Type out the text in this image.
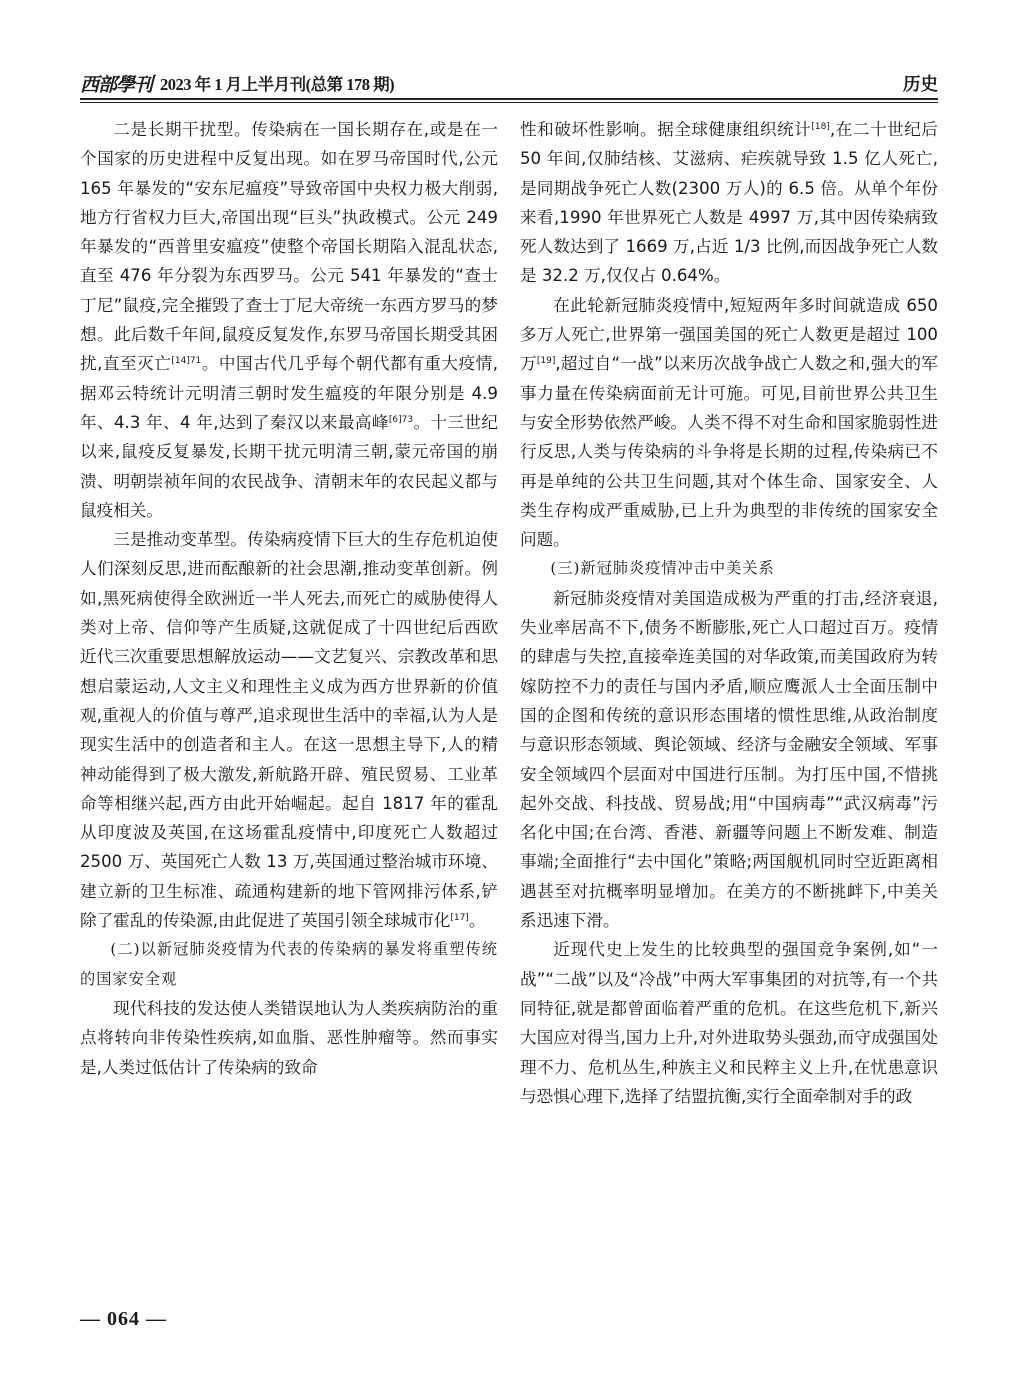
西部學刊 2023 年 1 月上半月刊(总第 178 期)	历史

二是长期干扰型。传染病在一国长期存在,或是在一个国家的历史进程中反复出现。如在罗马帝国时代,公元 165 年暴发的“安东尼瘟疫”导致帝国中央权力极大削弱,地方行省权力巨大,帝国出现“巨头”执政模式。公元 249 年暴发的“西普里安瘟疫”使整个帝国长期陷入混乱状态,直至 476 年分裂为东西罗马。公元 541 年暴发的“查士丁尼”鼠疫,完全摧毁了查士丁尼大帝统一东西方罗马的梦想。此后数千年间,鼠疫反复发作,东罗马帝国长期受其困扰,直至灭亡$^{[14]71}$。中国古代几乎每个朝代都有重大疫情,据邓云特统计元明清三朝时发生瘟疫的年限分别是 4.9 年、4.3 年、4 年,达到了秦汉以来最高峰$^{[6]73}$。十三世纪以来,鼠疫反复暴发,长期干扰元明清三朝,蒙元帝国的崩溃、明朝崇祯年间的农民战争、清朝末年的农民起义都与鼠疫相关。

三是推动变革型。传染病疫情下巨大的生存危机迫使人们深刻反思,进而酝酿新的社会思潮,推动变革创新。例如,黑死病使得全欧洲近一半人死去,而死亡的威胁使得人类对上帝、信仰等产生质疑,这就促成了十四世纪后西欧近代三次重要思想解放运动——文艺复兴、宗教改革和思想启蒙运动,人文主义和理性主义成为西方世界新的价值观,重视人的价值与尊严,追求现世生活中的幸福,认为人是现实生活中的创造者和主人。在这一思想主导下,人的精神动能得到了极大激发,新航路开辟、殖民贸易、工业革命等相继兴起,西方由此开始崛起。起自 1817 年的霍乱从印度波及英国,在这场霍乱疫情中,印度死亡人数超过 2500 万、英国死亡人数 13 万,英国通过整治城市环境、建立新的卫生标准、疏通构建新的地下管网排污体系,铲除了霍乱的传染源,由此促进了英国引领全球城市化[17]。

(二)以新冠肺炎疫情为代表的传染病的暴发将重塑传统的国家安全观

现代科技的发达使人类错误地认为人类疾病防治的重点将转向非传染性疾病,如血脂、恶性肿瘤等。然而事实是,人类过低估计了传染病的致命

性和破坏性影响。据全球健康组织统计[18],在二十世纪后 50 年间,仅肺结核、艾滋病、疟疾就导致 1.5 亿人死亡,是同期战争死亡人数(2300 万人)的 6.5 倍。从单个年份来看,1990 年世界死亡人数是 4997 万,其中因传染病致死人数达到了 1669 万,占近 1/3 比例,而因战争死亡人数是 32.2 万,仅仅占 0.64%。

在此轮新冠肺炎疫情中,短短两年多时间就造成 650 多万人死亡,世界第一强国美国的死亡人数更是超过 100 万[19],超过自“一战”以来历次战争战亡人数之和,强大的军事力量在传染病面前无计可施。可见,目前世界公共卫生与安全形势依然严峻。人类不得不对生命和国家脆弱性进行反思,人类与传染病的斗争将是长期的过程,传染病已不再是单纯的公共卫生问题,其对个体生命、国家安全、人类生存构成严重威胁,已上升为典型的非传统的国家安全问题。

(三)新冠肺炎疫情冲击中美关系

新冠肺炎疫情对美国造成极为严重的打击,经济衰退,失业率居高不下,债务不断膨胀,死亡人口超过百万。疫情的肆虐与失控,直接牵连美国的对华政策,而美国政府为转嫁防控不力的责任与国内矛盾,顺应鹰派人士全面压制中国的企图和传统的意识形态围堵的惯性思维,从政治制度与意识形态领域、舆论领域、经济与金融安全领域、军事安全领域四个层面对中国进行压制。为打压中国,不惜挑起外交战、科技战、贸易战;用“中国病毒”“武汉病毒”污名化中国;在台湾、香港、新疆等问题上不断发难、制造事端;全面推行“去中国化”策略;两国舰机同时空近距离相遇甚至对抗概率明显增加。在美方的不断挑衅下,中美关系迅速下滑。

近现代史上发生的比较典型的强国竞争案例,如“一战”“二战”以及“冷战”中两大军事集团的对抗等,有一个共同特征,就是都曾面临着严重的危机。在这些危机下,新兴大国应对得当,国力上升,对外进取势头强劲,而守成强国处理不力、危机丛生,种族主义和民粹主义上升,在忧患意识与恐惧心理下,选择了结盟抗衡,实行全面牵制对手的政

— 064 —
